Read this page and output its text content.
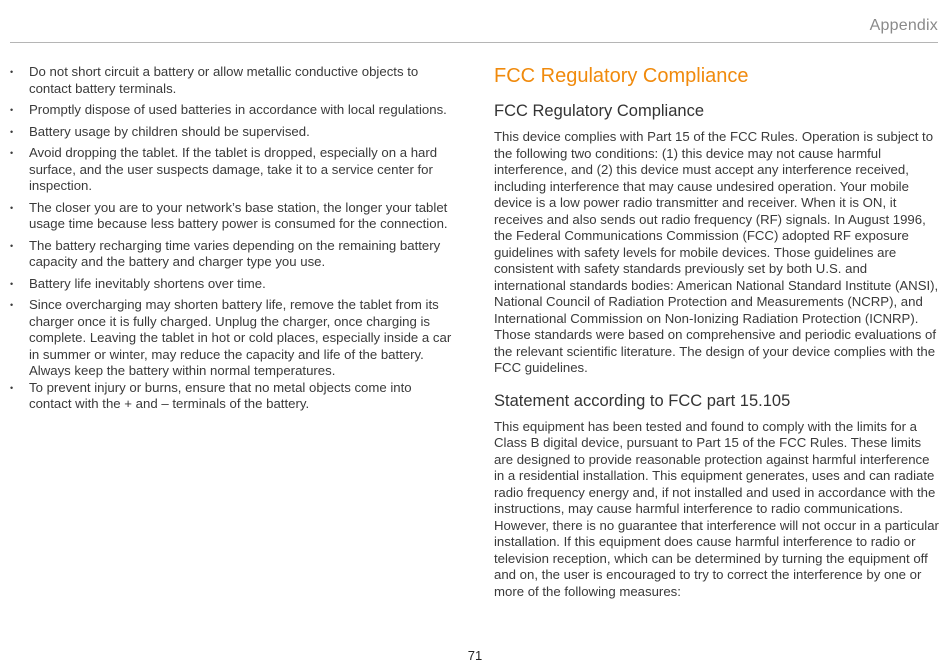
Appendix
• Do not short circuit a battery or allow metallic conductive objects to contact battery terminals.
• Promptly dispose of used batteries in accordance with local regulations.
• Battery usage by children should be supervised.
• Avoid dropping the tablet. If the tablet is dropped, especially on a hard surface, and the user suspects damage, take it to a service center for inspection.
• The closer you are to your network’s base station, the longer your tablet usage time because less battery power is consumed for the connection.
• The battery recharging time varies depending on the remaining battery capacity and the battery and charger type you use.
• Battery life inevitably shortens over time.
• Since overcharging may shorten battery life, remove the tablet from its charger once it is fully charged. Unplug the charger, once charging is complete. Leaving the tablet in hot or cold places, especially inside a car in summer or winter, may reduce the capacity and life of the battery. Always keep the battery within normal temperatures.
• To prevent injury or burns, ensure that no metal objects come into contact with the + and – terminals of the battery.
FCC Regulatory Compliance
FCC Regulatory Compliance

This device complies with Part 15 of the FCC Rules. Operation is subject to the following two conditions: (1) this device may not cause harmful interference, and (2) this device must accept any interference received, including interference that may cause undesired operation. Your mobile device is a low power radio transmitter and receiver. When it is ON, it receives and also sends out radio frequency (RF) signals. In August 1996, the Federal Communications Commission (FCC) adopted RF exposure guidelines with safety levels for mobile devices. Those guidelines are consistent with safety standards previously set by both U.S. and international standards bodies: American National Standard Institute (ANSI), National Council of Radiation Protection and Measurements (NCRP), and International Commission on Non-Ionizing Radiation Protection (ICNRP). Those standards were based on comprehensive and periodic evaluations of the relevant scientific literature. The design of your device complies with the FCC guidelines.

Statement according to FCC part 15.105

This equipment has been tested and found to comply with the limits for a Class B digital device, pursuant to Part 15 of the FCC Rules. These limits are designed to provide reasonable protection against harmful interference in a residential installation. This equipment generates, uses and can radiate radio frequency energy and, if not installed and used in accordance with the instructions, may cause harmful interference to radio communications. However, there is no guarantee that interference will not occur in a particular installation. If this equipment does cause harmful interference to radio or television reception, which can be determined by turning the equipment off and on, the user is encouraged to try to correct the interference by one or more of the following measures:

71
